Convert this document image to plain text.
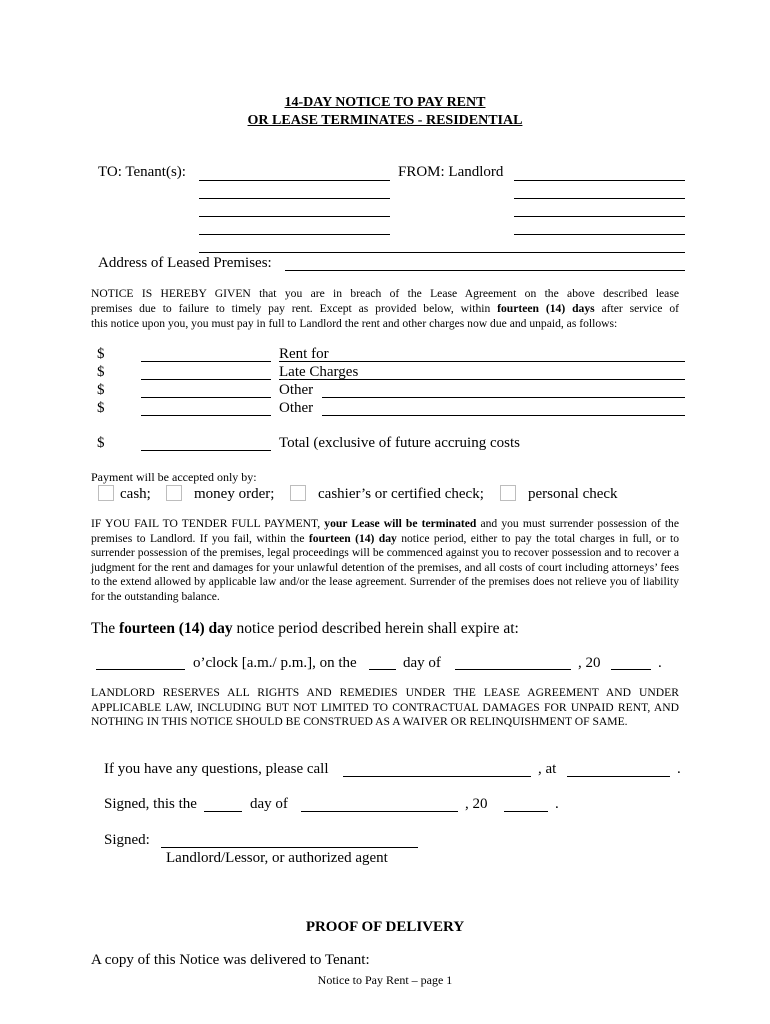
14-DAY NOTICE TO PAY RENT
OR LEASE TERMINATES - RESIDENTIAL
TO: Tenant(s):	FROM: Landlord
Address of Leased Premises:
NOTICE IS HEREBY GIVEN that you are in breach of the Lease Agreement on the above described lease
premises due to failure to timely pay rent. Except as provided below, within fourteen (14) days after service of
this notice upon you, you must pay in full to Landlord the rent and other charges now due and unpaid, as follows:
$	Rent for
$	Late Charges
$	Other
$	Other
$	Total (exclusive of future accruing costs
Payment will be accepted only by:
cash;	money order;	cashier’s or certified check;	personal check
IF YOU FAIL TO TENDER FULL PAYMENT, your Lease will be terminated and you must surrender possession of the premises to Landlord. If you fail, within the fourteen (14) day notice period, either to pay the total charges in full, or to surrender possession of the premises, legal proceedings will be commenced against you to recover possession and to recover a judgment for the rent and damages for your unlawful detention of the premises, and all costs of court including attorneys’ fees to the extend allowed by applicable law and/or the lease agreement. Surrender of the premises does not relieve you of liability for the outstanding balance.
The fourteen (14) day notice period described herein shall expire at:
o’clock [a.m./ p.m.], on the	day of	, 20	.
LANDLORD RESERVES ALL RIGHTS AND REMEDIES UNDER THE LEASE AGREEMENT AND UNDER APPLICABLE LAW, INCLUDING BUT NOT LIMITED TO CONTRACTUAL DAMAGES FOR UNPAID RENT, AND NOTHING IN THIS NOTICE SHOULD BE CONSTRUED AS A WAIVER OR RELINQUISHMENT OF SAME.
If you have any questions, please call	, at	.
Signed, this the	day of	, 20	.
Signed:
Landlord/Lessor, or authorized agent
PROOF OF DELIVERY
A copy of this Notice was delivered to Tenant:
Notice to Pay Rent – page 1
